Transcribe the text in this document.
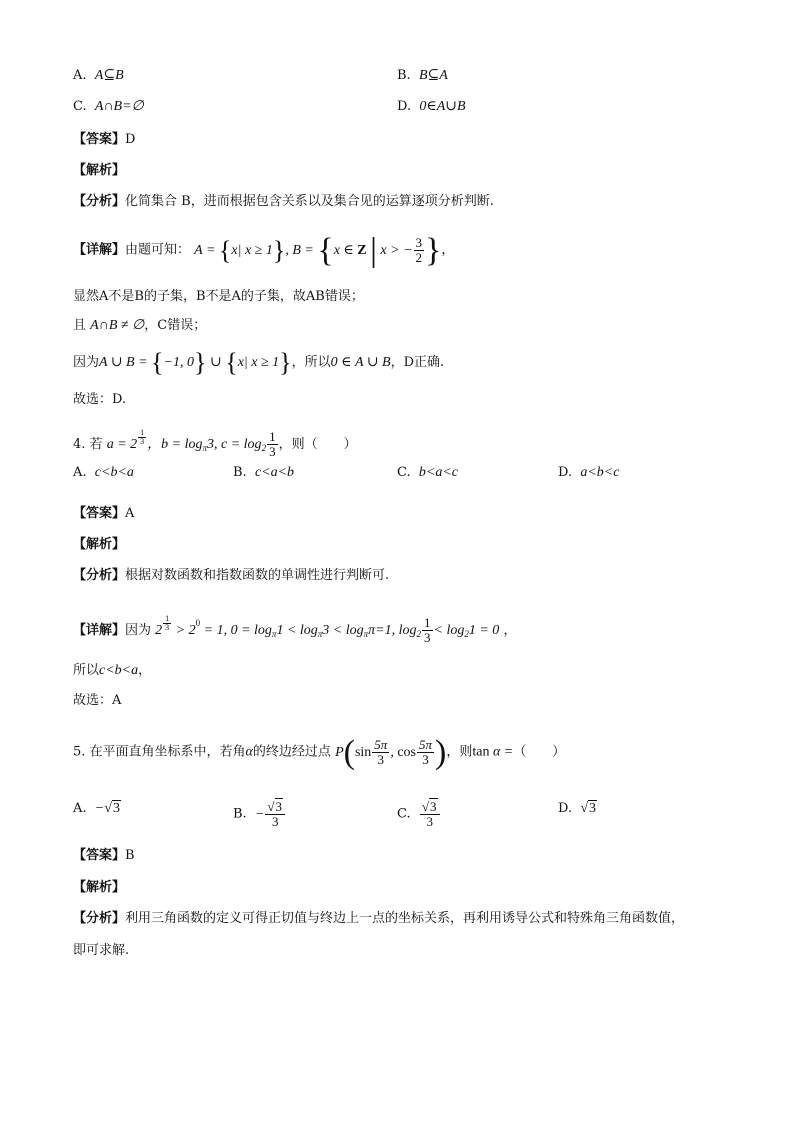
A. A⊆B	B. B⊆A
C. A∩B=∅	D. 0∈A∪B
【答案】D
【解析】
【分析】化简集合 B，进而根据包含关系以及集合见的运算逐项分析判断.
【详解】由题可知： A = {x| x ≥ 1}, B = {x ∈ Z | x > − $\frac{3}{2}$ }，
显然A不是B的子集，B不是A的子集，故AB错误；
且 A∩B ≠ ∅，C错误；
因为A ∪ B = {−1, 0} ∪ {x| x ≥ 1}，所以0 ∈ A ∪ B，D正确.
故选：D.
4. 若 a = 2 $^{\frac{1}{3}}$ ，$b = \log_\pi 3$, $c = \log_2 \frac{1}{3}$ ，则（　　）
A. c<b<a	B. c<a<b	C. b<a<c	D. a<b<c
【答案】A
【解析】
【分析】根据对数函数和指数函数的单调性进行判断可.
【详解】因为 2 $^{\frac{1}{3}} > 2^0 = 1$, $0 = \log_\pi 1 < \log_\pi 3 < \log_\pi\pi=1$, $\log_2 \frac{1}{3} < \log_21 = 0$ ，
所以c<b<a，
故选：A
5. 在平面直角坐标系中，若角α的终边经过点 $P(\sin \frac{5\pi}{3}$ , $\cos \frac{5\pi}{3}$ )，则tan α =（　　）
A. −√3	B. − $\frac{√3}{3}$	C. $\frac{√3}{3}$	D. √3
【答案】B
【解析】
【分析】利用三角函数的定义可得正切值与终边上一点的坐标关系，再利用诱导公式和特殊角三角函数值，
即可求解.
